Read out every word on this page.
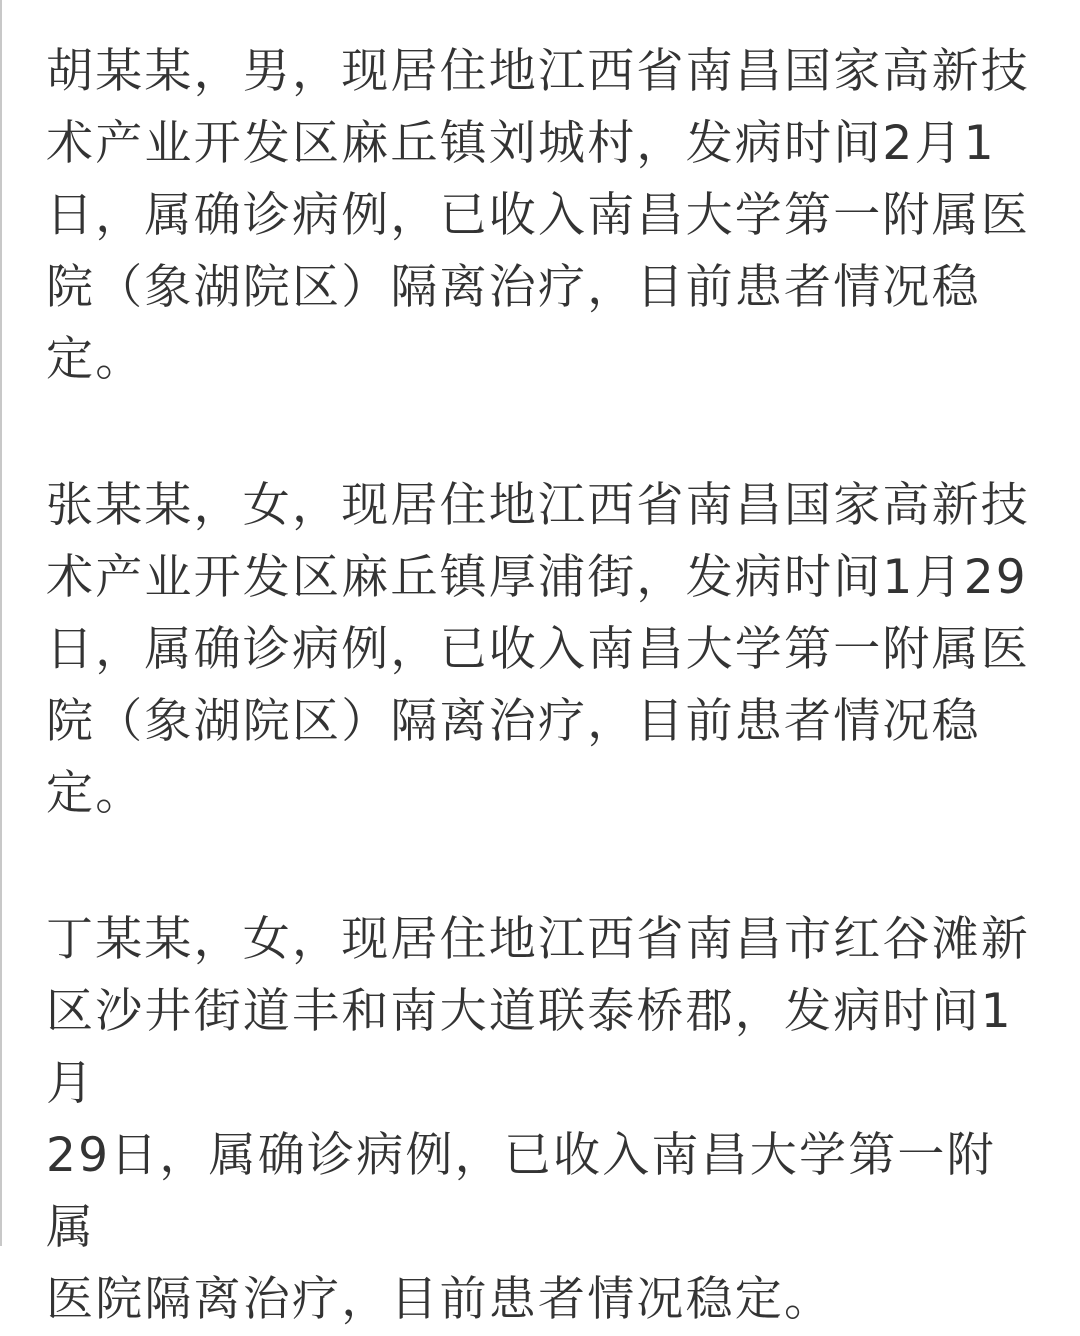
胡某某，男，现居住地江西省南昌国家高新技
术产业开发区麻丘镇刘城村，发病时间2月1
日，属确诊病例，已收入南昌大学第一附属医
院（象湖院区）隔离治疗，目前患者情况稳
定。

张某某，女，现居住地江西省南昌国家高新技
术产业开发区麻丘镇厚浦街，发病时间1月29
日，属确诊病例，已收入南昌大学第一附属医
院（象湖院区）隔离治疗，目前患者情况稳
定。

丁某某，女，现居住地江西省南昌市红谷滩新
区沙井街道丰和南大道联泰桥郡，发病时间1月
29日，属确诊病例，已收入南昌大学第一附属
医院隔离治疗，目前患者情况稳定。
